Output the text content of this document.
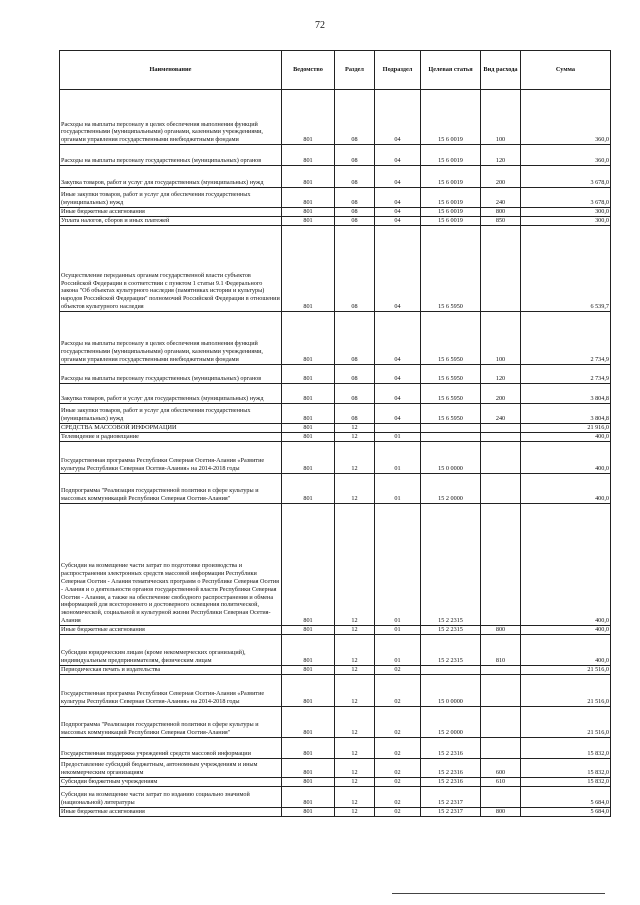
72
Наименование	Ведомство	Раздел	Подраздел	Целевая статья	Вид расхода	Сумма
Расходы на выплаты персоналу в целях обеспечения выполнения функций государственными (муниципальными) органами, казенными учреждениями, органами управления государственными внебюджетными фондами	801	08	04	15 6 0019	100	360,0
Расходы на выплаты персоналу государственных (муниципальных) органов	801	08	04	15 6 0019	120	360,0
Закупка товаров, работ и услуг для государственных (муниципальных) нужд	801	08	04	15 6 0019	200	3 678,0
Иные закупки товаров, работ и услуг для обеспечения государственных (муниципальных) нужд	801	08	04	15 6 0019	240	3 678,0
Иные бюджетные ассигнования	801	08	04	15 6 0019	800	300,0
Уплата налогов, сборов и иных платежей	801	08	04	15 6 0019	850	300,0
Осуществление переданных органам государственной власти субъектов Российской Федерации в соответствии с пунктом 1 статьи 9.1 Федерального закона "Об объектах культурного наследия (памятниках истории и культуры) народов Российской Федерации" полномочий Российской Федерации в отношении объектов культурного наследия	801	08	04	15 6 5950		6 539,7
Расходы на выплаты персоналу в целях обеспечения выполнения функций государственными (муниципальными) органами, казенными учреждениями, органами управления государственными внебюджетными фондами	801	08	04	15 6 5950	100	2 734,9
Расходы на выплаты персоналу государственных (муниципальных) органов	801	08	04	15 6 5950	120	2 734,9
Закупка товаров, работ и услуг для государственных (муниципальных) нужд	801	08	04	15 6 5950	200	3 804,8
Иные закупки товаров, работ и услуг для обеспечения государственных (муниципальных) нужд	801	08	04	15 6 5950	240	3 804,8
СРЕДСТВА МАССОВОЙ ИНФОРМАЦИИ	801	12				21 916,0
Телевидение и радиовещание	801	12	01			400,0
Государственная программа Республики Северная Осетия-Алания «Развитие культуры Республики Северная Осетия-Алания» на 2014-2018 годы	801	12	01	15 0 0000		400,0
Подпрограмма "Реализация государственной политики в сфере культуры и массовых коммуникаций Республики Северная Осетия-Алания"	801	12	01	15 2 0000		400,0
Субсидии на возмещение части затрат по подготовке производства и распространения электронных средств массовой информации Республики Северная Осетия - Алания тематических программ о Республике Северная Осетия - Алания и о деятельности органов государственной власти Республики Северная Осетия - Алания, а также на обеспечение свободного распространения и обмена информацией для всестороннего и достоверного освещения политической, экономической, социальной и культурной жизни Республики Северная Осетия-Алания	801	12	01	15 2 2315		400,0
Иные бюджетные ассигнования	801	12	01	15 2 2315	800	400,0
Субсидии юридическим лицам (кроме некоммерческих организаций), индивидуальным предпринимателям, физическим лицам	801	12	01	15 2 2315	810	400,0
Периодическая печать и издательства	801	12	02			21 516,0
Государственная программа Республики Северная Осетия-Алания «Развитие культуры Республики Северная Осетия-Алания» на 2014-2018 годы	801	12	02	15 0 0000		21 516,0
Подпрограмма "Реализация государственной политики в сфере культуры и массовых коммуникаций Республики Северная Осетия-Алания"	801	12	02	15 2 0000		21 516,0
Государственная поддержка учреждений средств массовой информации	801	12	02	15 2 2316		15 832,0
Предоставление субсидий бюджетным, автономным учреждениям и иным некоммерческим организациям	801	12	02	15 2 2316	600	15 832,0
Субсидии бюджетным учреждениям	801	12	02	15 2 2316	610	15 832,0
Субсидии на возмещение части затрат по изданию социально значимой (национальной) литературы	801	12	02	15 2 2317		5 684,0
Иные бюджетные ассигнования	801	12	02	15 2 2317	800	5 684,0
